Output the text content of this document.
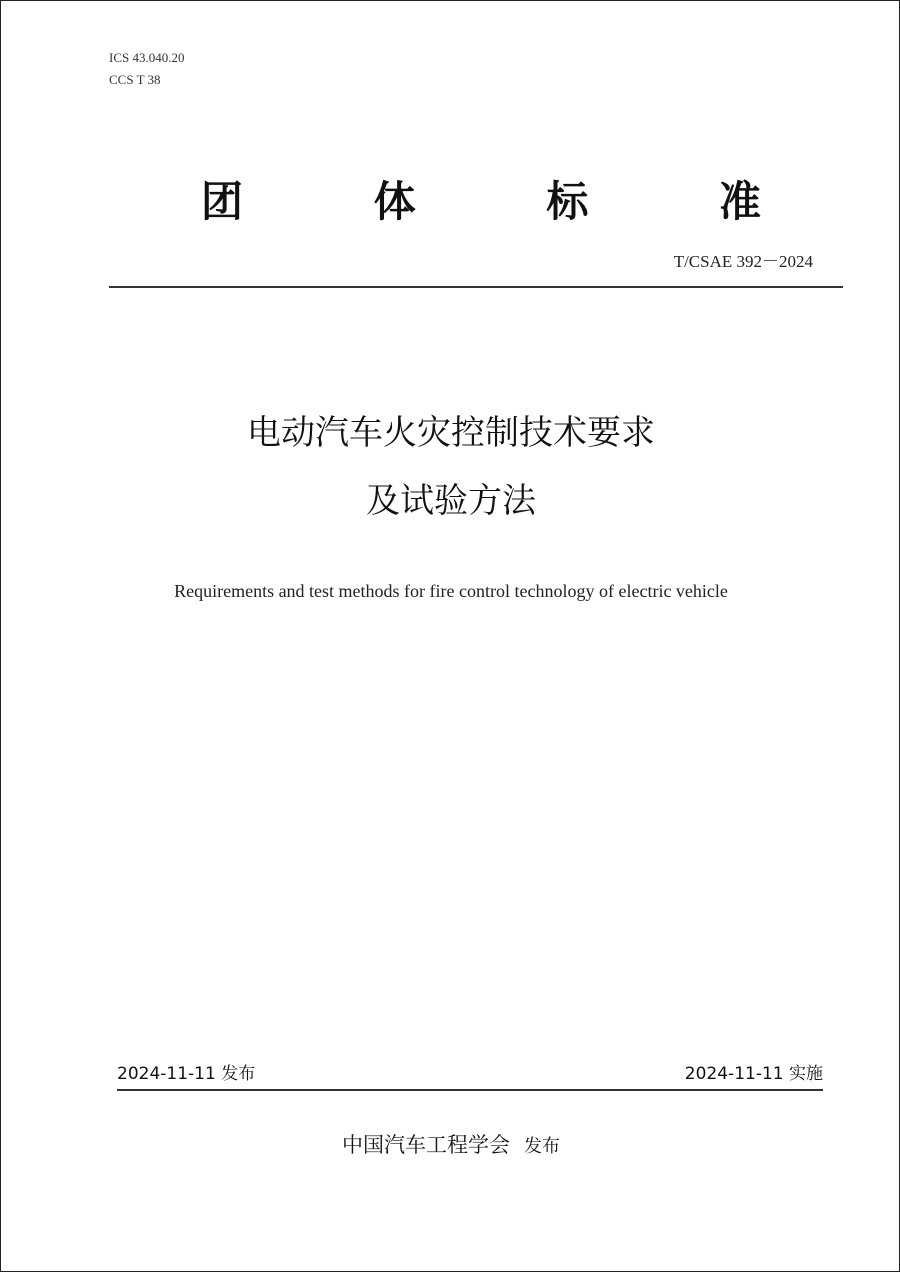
ICS 43.040.20
CCS T 38
团	体	标	准
T/CSAE 392－2024
电动汽车火灾控制技术要求
及试验方法
Requirements and test methods for fire control technology of electric vehicle
2024-11-11 发布	2024-11-11 实施
中国汽车工程学会 发布
